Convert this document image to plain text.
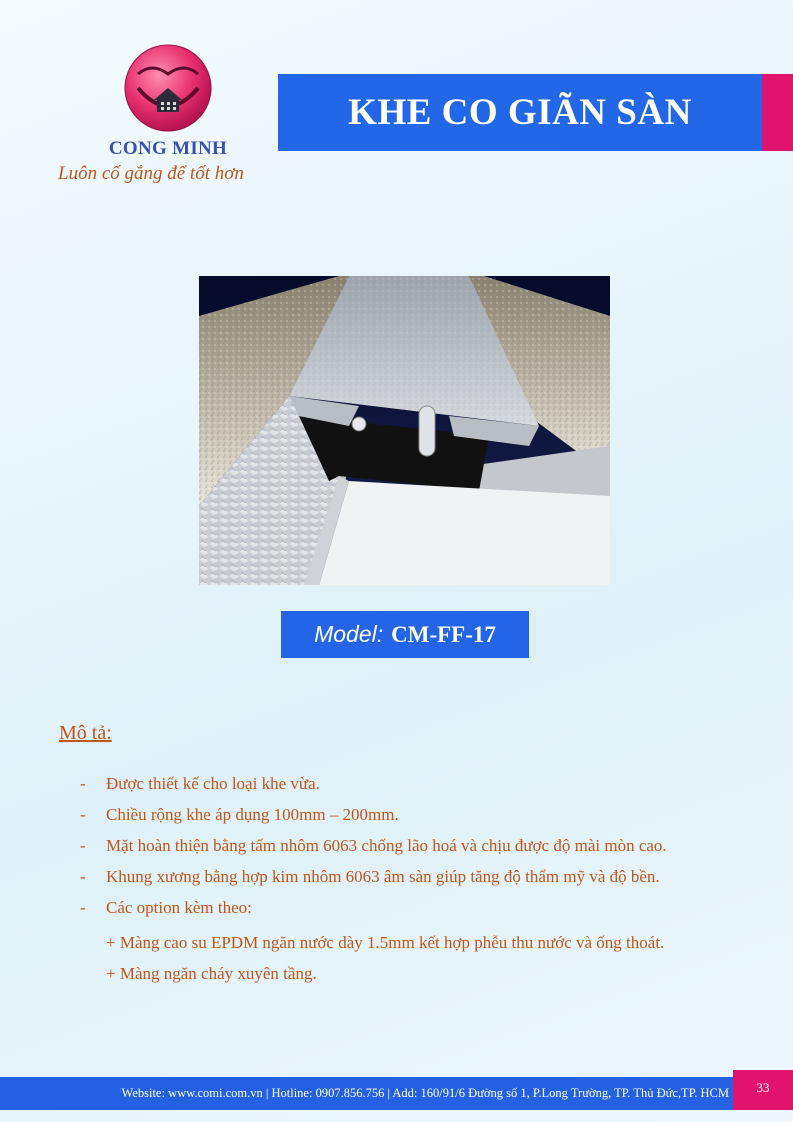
CONG MINH
Luôn cố gắng để tốt hơn
KHE CO GIÃN SÀN
Model: CM-FF-17
Mô tả:
- Được thiết kế cho loại khe vừa.
- Chiều rộng khe áp dụng 100mm – 200mm.
- Mặt hoàn thiện bằng tấm nhôm 6063 chống lão hoá và chịu được độ mài mòn cao.
- Khung xương bằng hợp kim nhôm 6063 âm sàn giúp tăng độ thẩm mỹ và độ bền.
- Các option kèm theo:
+ Màng cao su EPDM ngăn nước dày 1.5mm kết hợp phễu thu nước và ống thoát.
+ Màng ngăn cháy xuyên tầng.
Website: www.comi.com.vn | Hotline: 0907.856.756 | Add: 160/91/6 Đường số 1, P.Long Trường, TP. Thủ Đức,TP. HCM	33
